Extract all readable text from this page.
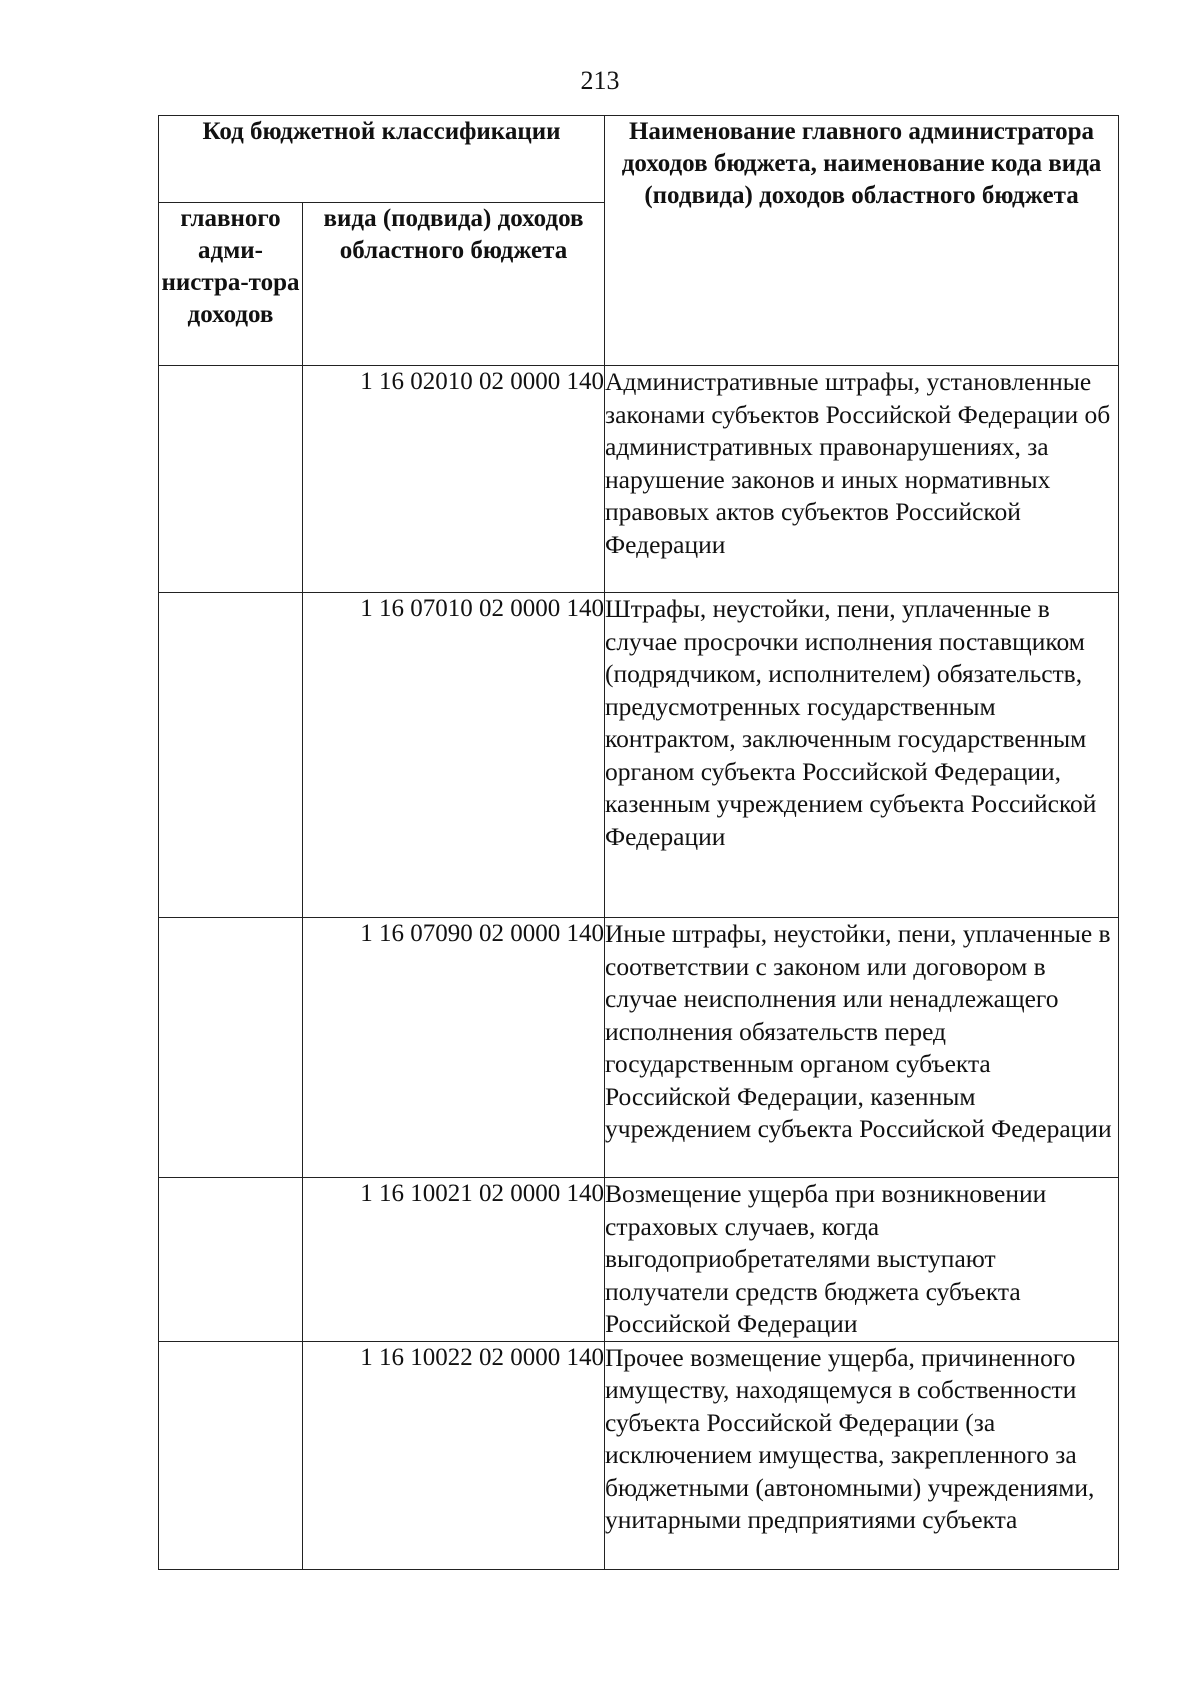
213
Код бюджетной классификации		Наименование главного администратора доходов бюджета, наименование кода вида (подвида) доходов областного бюджета
главного адми-нистра-тора доходов	вида (подвида) доходов областного бюджета	
	1 16 02010 02 0000 140	Административные штрафы, установленные законами субъектов Российской Федерации об административных правонарушениях, за нарушение законов и иных нормативных правовых актов субъектов Российской Федерации
	1 16 07010 02 0000 140	Штрафы, неустойки, пени, уплаченные в случае просрочки исполнения поставщиком (подрядчиком, исполнителем) обязательств, предусмотренных государственным контрактом, заключенным государственным органом субъекта Российской Федерации, казенным учреждением субъекта Российской Федерации
	1 16 07090 02 0000 140	Иные штрафы, неустойки, пени, уплаченные в соответствии с законом или договором в случае неисполнения или ненадлежащего исполнения обязательств перед государственным органом субъекта Российской Федерации, казенным учреждением субъекта Российской Федерации
	1 16 10021 02 0000 140	Возмещение ущерба при возникновении страховых случаев, когда выгодоприобретателями выступают получатели средств бюджета субъекта Российской Федерации
	1 16 10022 02 0000 140	Прочее возмещение ущерба, причиненного имуществу, находящемуся в собственности субъекта Российской Федерации (за исключением имущества, закрепленного за бюджетными (автономными) учреждениями, унитарными предприятиями субъекта
